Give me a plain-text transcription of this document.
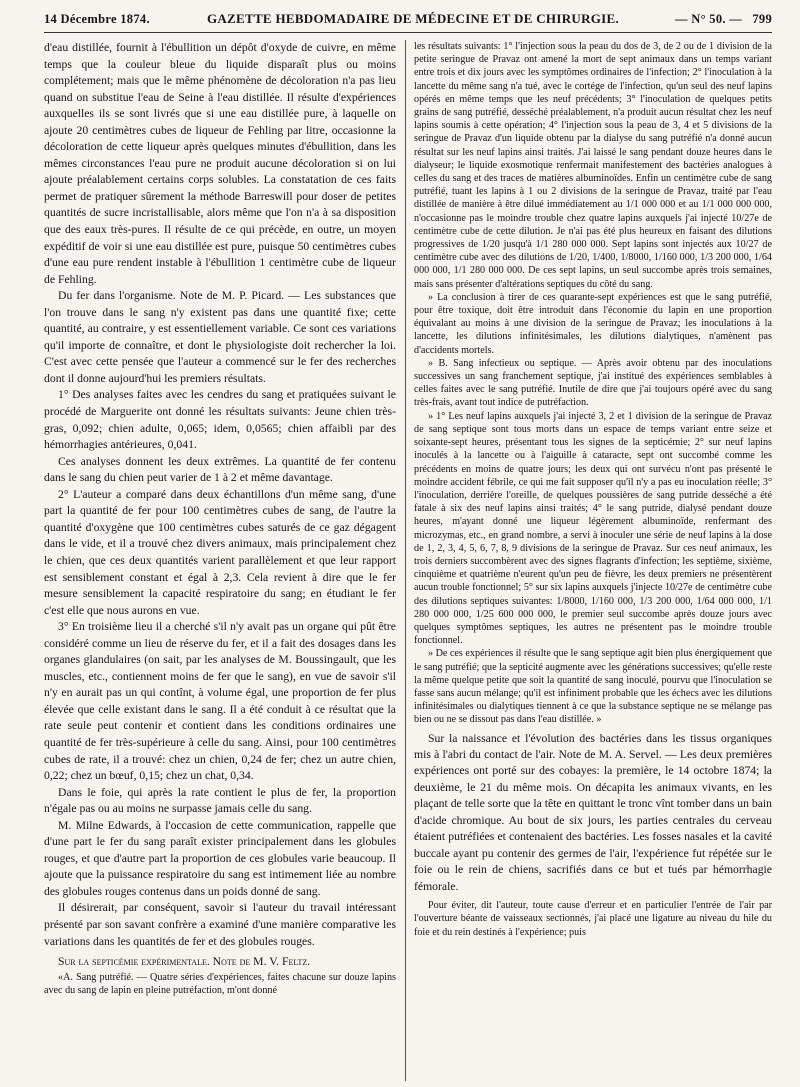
14 Décembre 1874.	GAZETTE HEBDOMADAIRE DE MÉDECINE ET DE CHIRURGIE.	— N° 50. — 799

d'eau distillée, fournit à l'ébullition un dépôt d'oxyde de cuivre, en même temps que la couleur bleue du liquide disparaît plus ou moins complétement; mais que le même phénomène de décoloration n'a pas lieu quand on substitue l'eau de Seine à l'eau distillée. Il résulte d'expériences auxquelles ils se sont livrés que si une eau distillée pure, à laquelle on ajoute 20 centimètres cubes de liqueur de Fehling par litre, occasionne la décoloration de cette liqueur après quelques minutes d'ébullition, dans les mêmes circonstances l'eau pure ne produit aucune décoloration si on lui ajoute préalablement certains corps solubles. La constatation de ces faits permet de pratiquer sûrement la méthode Barreswill pour doser de petites quantités de sucre incristallisable, alors même que l'on n'a à sa disposition que des eaux très-pures. Il résulte de ce qui précède, en outre, un moyen expéditif de voir si une eau distillée est pure, puisque 50 centimètres cubes d'une eau pure rendent instable à l'ébullition 1 centimètre cube de liqueur de Fehling.

Du fer dans l'organisme. Note de M. P. Picard. — Les substances que l'on trouve dans le sang n'y existent pas dans une quantité fixe; cette quantité, au contraire, y est essentiellement variable. Ce sont ces variations qu'il importe de connaître, et dont le physiologiste doit rechercher la loi. C'est avec cette pensée que l'auteur a commencé sur le fer des recherches dont il donne aujourd'hui les premiers résultats.

1° Des analyses faites avec les cendres du sang et pratiquées suivant le procédé de Marguerite ont donné les résultats suivants: Jeune chien très-gras, 0,092; chien adulte, 0,065; idem, 0,0565; chien affaibli par des hémorrhagies antérieures, 0,041.

Ces analyses donnent les deux extrêmes. La quantité de fer contenu dans le sang du chien peut varier de 1 à 2 et même davantage.

2° L'auteur a comparé dans deux échantillons d'un même sang, d'une part la quantité de fer pour 100 centimètres cubes de sang, de l'autre la quantité d'oxygène que 100 centimètres cubes saturés de ce gaz dégagent dans le vide, et il a trouvé chez divers animaux, mais principalement chez le chien, que ces deux quantités varient parallèlement et que leur rapport est sensiblement constant et égal à 2,3. Cela revient à dire que le fer mesure sensiblement la capacité respiratoire du sang; en étudiant le fer c'est elle que nous aurons en vue.

3° En troisième lieu il a cherché s'il n'y avait pas un organe qui pût être considéré comme un lieu de réserve du fer, et il a fait des dosages dans les organes glandulaires (on sait, par les analyses de M. Boussingault, que les muscles, etc., contiennent moins de fer que le sang), en vue de savoir s'il n'y en aurait pas un qui contînt, à volume égal, une proportion de fer plus élevée que celle existant dans le sang. Il a été conduit à ce résultat que la rate seule peut contenir et contient dans les conditions ordinaires une quantité de fer très-supérieure à celle du sang. Ainsi, pour 100 centimètres cubes de rate, il a trouvé: chez un chien, 0,24 de fer; chez un autre chien, 0,22; chez un bœuf, 0,15; chez un chat, 0,34.

Dans le foie, qui après la rate contient le plus de fer, la proportion n'égale pas ou au moins ne surpasse jamais celle du sang.

M. Milne Edwards, à l'occasion de cette communication, rappelle que d'une part le fer du sang paraît exister principalement dans les globules rouges, et que d'autre part la proportion de ces globules varie beaucoup. Il ajoute que la puissance respiratoire du sang est intimement liée au nombre des globules rouges contenus dans un poids donné de sang.

Il désirerait, par conséquent, savoir si l'auteur du travail intéressant présenté par son savant confrère a examiné d'une manière comparative les variations dans les quantités de fer et des globules rouges.

Sur la septicémie expérimentale. Note de M. V. Feltz.

«A. Sang putréfié. — Quatre séries d'expériences, faites chacune sur douze lapins avec du sang de lapin en pleine putréfaction, m'ont donné

les résultats suivants: 1° l'injection sous la peau du dos de 3, de 2 ou de 1 division de la petite seringue de Pravaz ont amené la mort de sept animaux dans un temps variant entre trois et dix jours avec les symptômes ordinaires de l'infection; 2° l'inoculation à la lancette du même sang n'a tué, avec le cortége de l'infection, qu'un seul des neuf lapins opérés en même temps que les neuf précédents; 3° l'inoculation de quelques petits grains de sang putréfié, desséché préalablement, n'a produit aucun résultat chez les neuf lapins soumis à cette opération; 4° l'injection sous la peau de 3, 4 et 5 divisions de la seringue de Pravaz d'un liquide obtenu par la dialyse du sang putréfié n'a donné aucun résultat sur les neuf lapins ainsi traités. J'ai laissé le sang pendant douze heures dans le dialyseur; le liquide exosmotique renfermait manifestement des bactéries analogues à celles du sang et des traces de matières albuminoïdes. Enfin un centimètre cube de sang putréfié, tuant les lapins à 1 ou 2 divisions de la seringue de Pravaz, traité par l'eau distillée de manière à être dilué immédiatement au 1/1 000 000 et au 1/1 000 000 000, n'occasionne pas le moindre trouble chez quatre lapins auxquels j'ai injecté 10/27e de centimètre cube de cette dilution. Je n'ai pas été plus heureux en faisant des dilutions progressives de 1/20 jusqu'à 1/1 280 000 000. Sept lapins sont injectés aux 10/27 de centimètre cube avec des dilutions de 1/20, 1/400, 1/8000, 1/160 000, 1/3 200 000, 1/64 000 000, 1/1 280 000 000. De ces sept lapins, un seul succombe après trois semaines, mais sans présenter d'altérations septiques du côté du sang.

» La conclusion à tirer de ces quarante-sept expériences est que le sang putréfié, pour être toxique, doit être introduit dans l'économie du lapin en une proportion équivalant au moins à une division de la seringue de Pravaz; les inoculations à la lancette, les dilutions infinitésimales, les dilutions dialytiques, n'amènent pas d'accidents mortels.

» B. Sang infectieux ou septique. — Après avoir obtenu par des inoculations successives un sang franchement septique, j'ai institué des expériences semblables à celles faites avec le sang putréfié. Inutile de dire que j'ai toujours opéré avec du sang très-frais, avant tout indice de putréfaction.

» 1° Les neuf lapins auxquels j'ai injecté 3, 2 et 1 division de la seringue de Pravaz de sang septique sont tous morts dans un espace de temps variant entre seize et soixante-sept heures, présentant tous les signes de la septicémie; 2° sur neuf lapins inoculés à la lancette ou à l'aiguille à cataracte, sept ont succombé comme les précédents en moins de quatre jours; les deux qui ont survécu n'ont pas présenté le moindre accident fébrile, ce qui me fait supposer qu'il n'y a pas eu inoculation réelle; 3° l'inoculation, derrière l'oreille, de quelques poussières de sang putride desséché a été fatale à six des neuf lapins ainsi traités; 4° le sang putride, dialysé pendant douze heures, m'ayant donné une liqueur légèrement albuminoïde, renfermant des microzymas, etc., en grand nombre, a servi à inoculer une série de neuf lapins à la dose de 1, 2, 3, 4, 5, 6, 7, 8, 9 divisions de la seringue de Pravaz. Sur ces neuf animaux, les trois derniers succombèrent avec des signes flagrants d'infection; les septième, sixième, cinquième et quatrième n'eurent qu'un peu de fièvre, les deux premiers ne présentèrent aucun trouble fonctionnel; 5° sur six lapins auxquels j'injecte 10/27e de centimètre cube des dilutions septiques suivantes: 1/8000, 1/160 000, 1/3 200 000, 1/64 000 000, 1/1 280 000 000, 1/25 600 000 000, le premier seul succombe après douze jours avec quelques symptômes septiques, les autres ne présentent pas le moindre trouble fonctionnel.

» De ces expériences il résulte que le sang septique agit bien plus énergiquement que le sang putréfié; que la septicité augmente avec les générations successives; qu'elle reste la même quelque petite que soit la quantité de sang inoculé, pourvu que l'inoculation se fasse sans aucun mélange; qu'il est infiniment probable que les échecs avec les dilutions infinitésimales ou dialytiques tiennent à ce que la substance septique ne se mélange pas bien ou ne se dissout pas dans l'eau distillée. »

Sur la naissance et l'évolution des bactéries dans les tissus organiques mis à l'abri du contact de l'air. Note de M. A. Servel. — Les deux premières expériences ont porté sur des cobayes: la première, le 14 octobre 1874; la deuxième, le 21 du même mois. On décapita les animaux vivants, en les plaçant de telle sorte que la tête en quittant le tronc vînt tomber dans un bain d'acide chromique. Au bout de six jours, les parties centrales du cerveau étaient putréfiées et contenaient des bactéries. Les fosses nasales et la cavité buccale ayant pu contenir des germes de l'air, l'expérience fut répétée sur le foie ou le rein de chiens, sacrifiés dans ce but et tués par hémorrhagie fémorale.

Pour éviter, dit l'auteur, toute cause d'erreur et en particulier l'entrée de l'air par l'ouverture béante de vaisseaux sectionnés, j'ai placé une ligature au niveau du hile du foie et du rein destinés à l'expérience; puis
